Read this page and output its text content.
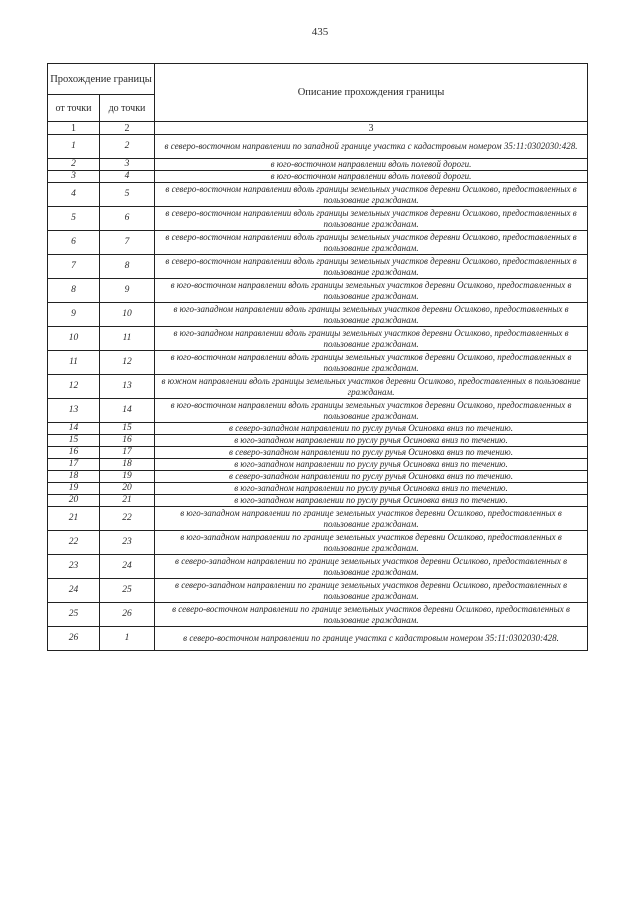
435
Прохождение границы		Описание прохождения границы
от точки	до точки	
1	2	3
1	2	в северо-восточном направлении по западной границе участка с кадастровым номером 35:11:0302030:428.
2	3	в юго-восточном направлении вдоль полевой дороги.
3	4	в юго-восточном направлении вдоль полевой дороги.
4	5	в северо-восточном направлении вдоль границы земельных участков деревни Осилково, предоставленных в пользование гражданам.
5	6	в северо-восточном направлении вдоль границы земельных участков деревни Осилково, предоставленных в пользование гражданам.
6	7	в северо-восточном направлении вдоль границы земельных участков деревни Осилково, предоставленных в пользование гражданам.
7	8	в северо-восточном направлении вдоль границы земельных участков деревни Осилково, предоставленных в пользование гражданам.
8	9	в юго-восточном направлении вдоль границы земельных участков деревни Осилково, предоставленных в пользование гражданам.
9	10	в юго-западном направлении вдоль границы земельных участков деревни Осилково, предоставленных в пользование гражданам.
10	11	в юго-западном направлении вдоль границы земельных участков деревни Осилково, предоставленных в пользование гражданам.
11	12	в юго-восточном направлении вдоль границы земельных участков деревни Осилково, предоставленных в пользование гражданам.
12	13	в южном направлении вдоль границы земельных участков деревни Осилково, предоставленных в пользование гражданам.
13	14	в юго-восточном направлении вдоль границы земельных участков деревни Осилково, предоставленных в пользование гражданам.
14	15	в северо-западном направлении по руслу ручья Осиновка вниз по течению.
15	16	в юго-западном направлении по руслу ручья Осиновка вниз по течению.
16	17	в северо-западном направлении по руслу ручья Осиновка вниз по течению.
17	18	в юго-западном направлении по руслу ручья Осиновка вниз по течению.
18	19	в северо-западном направлении по руслу ручья Осиновка вниз по течению.
19	20	в юго-западном направлении по руслу ручья Осиновка вниз по течению.
20	21	в юго-западном направлении по руслу ручья Осиновка вниз по течению.
21	22	в юго-западном направлении по границе земельных участков деревни Осилково, предоставленных в пользование гражданам.
22	23	в юго-западном направлении по границе земельных участков деревни Осилково, предоставленных в пользование гражданам.
23	24	в северо-западном направлении по границе земельных участков деревни Осилково, предоставленных в пользование гражданам.
24	25	в северо-западном направлении по границе земельных участков деревни Осилково, предоставленных в пользование гражданам.
25	26	в северо-восточном направлении по границе земельных участков деревни Осилково, предоставленных в пользование гражданам.
26	1	в северо-восточном направлении по границе участка с кадастровым номером 35:11:0302030:428.
